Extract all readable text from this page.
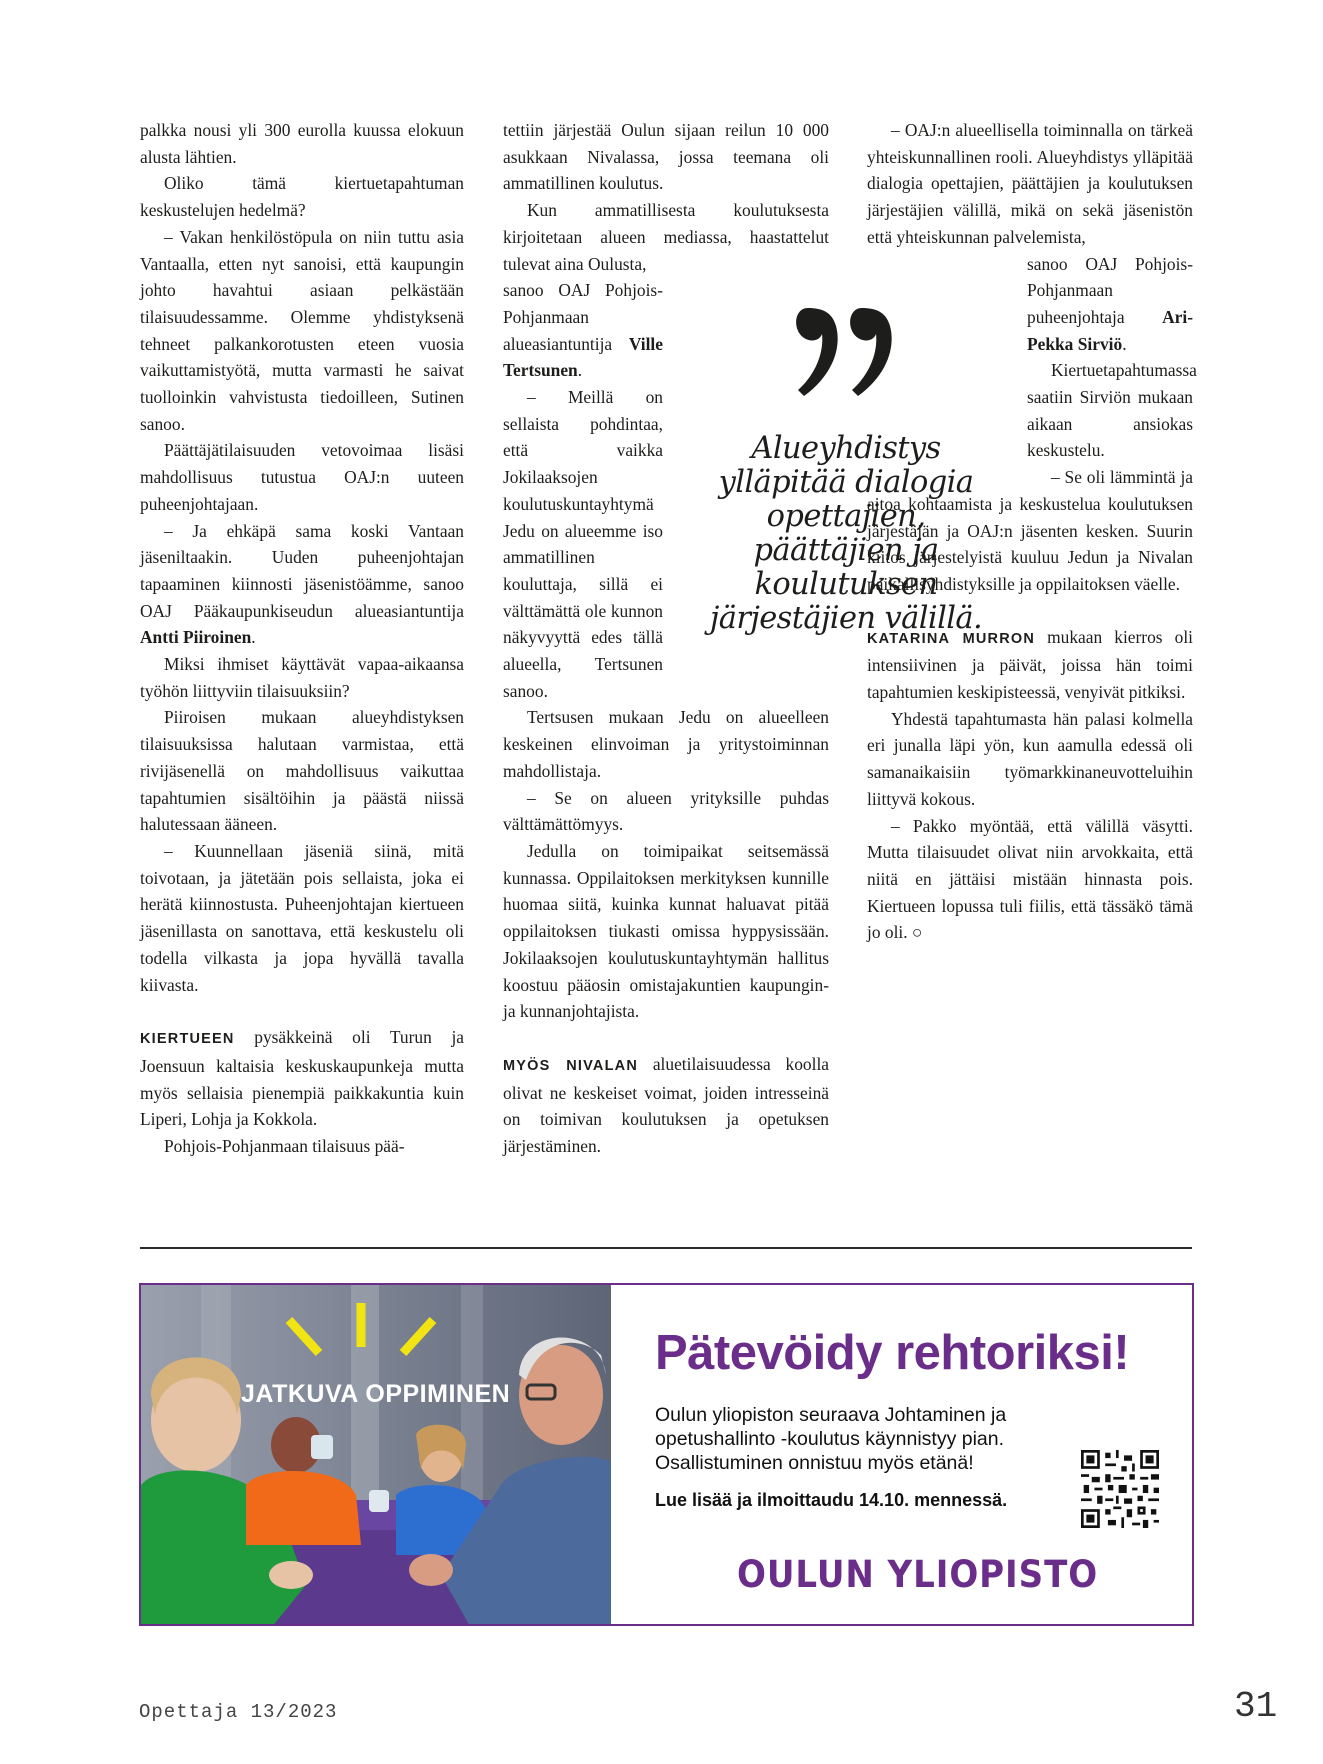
palkka nousi yli 300 eurolla kuussa elokuun alusta lähtien.

Oliko tämä kiertuetapahtuman keskustelujen hedelmä?

– Vakan henkilöstöpula on niin tuttu asia Vantaalla, etten nyt sanoisi, että kaupungin johto havahtui asiaan pelkästään tilaisuudessamme. Olemme yhdistyksenä tehneet palkankorotusten eteen vuosia vaikuttamistyötä, mutta varmasti he saivat tuolloinkin vahvistusta tiedoilleen, Sutinen sanoo.

Päättäjätilaisuuden vetovoimaa lisäsi mahdollisuus tutustua OAJ:n uuteen puheenjohtajaan.

– Ja ehkäpä sama koski Vantaan jäseniltaakin. Uuden puheenjohtajan tapaaminen kiinnosti jäsenistöämme, sanoo OAJ Pääkaupunkiseudun alueasiantuntija Antti Piiroinen.

Miksi ihmiset käyttävät vapaa-aikaansa työhön liittyviin tilaisuuksiin?

Piiroisen mukaan alueyhdistyksen tilaisuuksissa halutaan varmistaa, että rivijäsenellä on mahdollisuus vaikuttaa tapahtumien sisältöihin ja päästä niissä halutessaan ääneen.

– Kuunnellaan jäseniä siinä, mitä toivotaan, ja jätetään pois sellaista, joka ei herätä kiinnostusta. Puheenjohtajan kiertueen jäsenillasta on sanottava, että keskustelu oli todella vilkasta ja jopa hyvällä tavalla kiivasta.

KIERTUEEN pysäkkeinä oli Turun ja Joensuun kaltaisia keskuskaupunkeja mutta myös sellaisia pienempiä paikkakuntia kuin Liperi, Lohja ja Kokkola.

Pohjois-Pohjanmaan tilaisuus pää-

tettiin järjestää Oulun sijaan reilun 10 000 asukkaan Nivalassa, jossa teemana oli ammatillinen koulutus.

Kun ammatillisesta koulutuksesta kirjoitetaan alueen mediassa, haastattelut tulevat aina Oulusta,

sanoo OAJ Pohjois-Pohjanmaan alueasiantuntija Ville Tertsunen.

– Meillä on sellaista pohdintaa, että vaikka Jokilaaksojen koulutuskuntayhtymä Jedu on alueemme iso ammatillinen kouluttaja, sillä ei välttämättä ole kunnon näkyvyyttä edes tällä alueella, Tertsunen sanoo.

Tertsusen mukaan Jedu on alueelleen keskeinen elinvoiman ja yritystoiminnan mahdollistaja.

– Se on alueen yrityksille puhdas välttämättömyys.

Jedulla on toimipaikat seitsemässä kunnassa. Oppilaitoksen merkityksen kunnille huomaa siitä, kuinka kunnat haluavat pitää oppilaitoksen tiukasti omissa hyppysissään. Jokilaaksojen koulutuskuntayhtymän hallitus koostuu pääosin omistajakuntien kaupungin- ja kunnanjohtajista.

MYÖS NIVALAN aluetilaisuudessa koolla olivat ne keskeiset voimat, joiden intresseinä on toimivan koulutuksen ja opetuksen järjestäminen.

– OAJ:n alueellisella toiminnalla on tärkeä yhteiskunnallinen rooli. Alueyhdistys ylläpitää dialogia opettajien, päättäjien ja koulutuksen järjestäjien välillä, mikä on sekä jäsenistön että yhteiskunnan palvelemista,

sanoo OAJ Pohjois-Pohjanmaan puheenjohtaja Ari-Pekka Sirviö.

Kiertuetapahtumassa saatiin Sirviön mukaan aikaan ansiokas keskustelu.

– Se oli lämmintä ja aitoa kohtaamista ja keskustelua koulutuksen järjestäjän ja OAJ:n jäsenten kesken. Suurin kiitos järjestelyistä kuuluu Jedun ja Nivalan paikallisyhdistyksille ja oppilaitoksen väelle.

KATARINA MURRON mukaan kierros oli intensiivinen ja päivät, joissa hän toimi tapahtumien keskipisteessä, venyivät pitkiksi.

Yhdestä tapahtumasta hän palasi kolmella eri junalla läpi yön, kun aamulla edessä oli samanaikaisiin työmarkkinaneuvotteluihin liittyvä kokous.

– Pakko myöntää, että välillä väsytti. Mutta tilaisuudet olivat niin arvokkaita, että niitä en jättäisi mistään hinnasta pois. Kiertueen lopussa tuli fiilis, että tässäkö tämä jo oli. ○

Alueyhdistys ylläpitää dialogia opettajien, päättäjien ja koulutuksen järjestäjien välillä.
JATKUVA OPPIMINEN
Pätevöidy rehtoriksi!
Oulun yliopiston seuraava Johtaminen ja opetushallinto -koulutus käynnistyy pian. Osallistuminen onnistuu myös etänä!
Lue lisää ja ilmoittaudu 14.10. mennessä.
OULUN YLIOPISTO
Opettaja 13/2023	31
